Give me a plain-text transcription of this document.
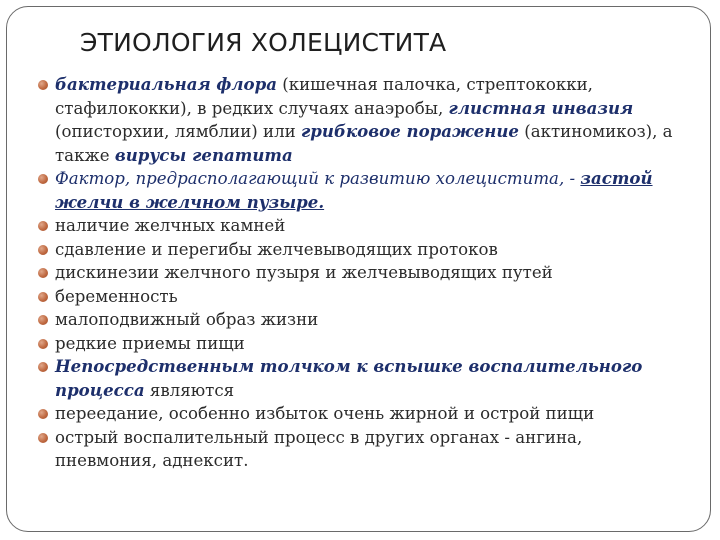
ЭТИОЛОГИЯ ХОЛЕЦИСТИТА
бактериальная флора (кишечная палочка, стрептококки, стафилококки), в редких случаях анаэробы, глистная инвазия (описторхии, лямблии) или грибковое поражение (актиномикоз), а также вирусы гепатита
Фактор, предрасполагающий к развитию холецистита, - застой желчи в желчном пузыре.
наличие желчных камней
сдавление и перегибы желчевыводящих протоков
дискинезии желчного пузыря и желчевыводящих путей
беременность
малоподвижный образ жизни
редкие приемы пищи
Непосредственным толчком к вспышке воспалительного процесса являются
переедание, особенно избыток очень жирной и острой пищи
острый воспалительный процесс в других органах - ангина, пневмония, аднексит.
